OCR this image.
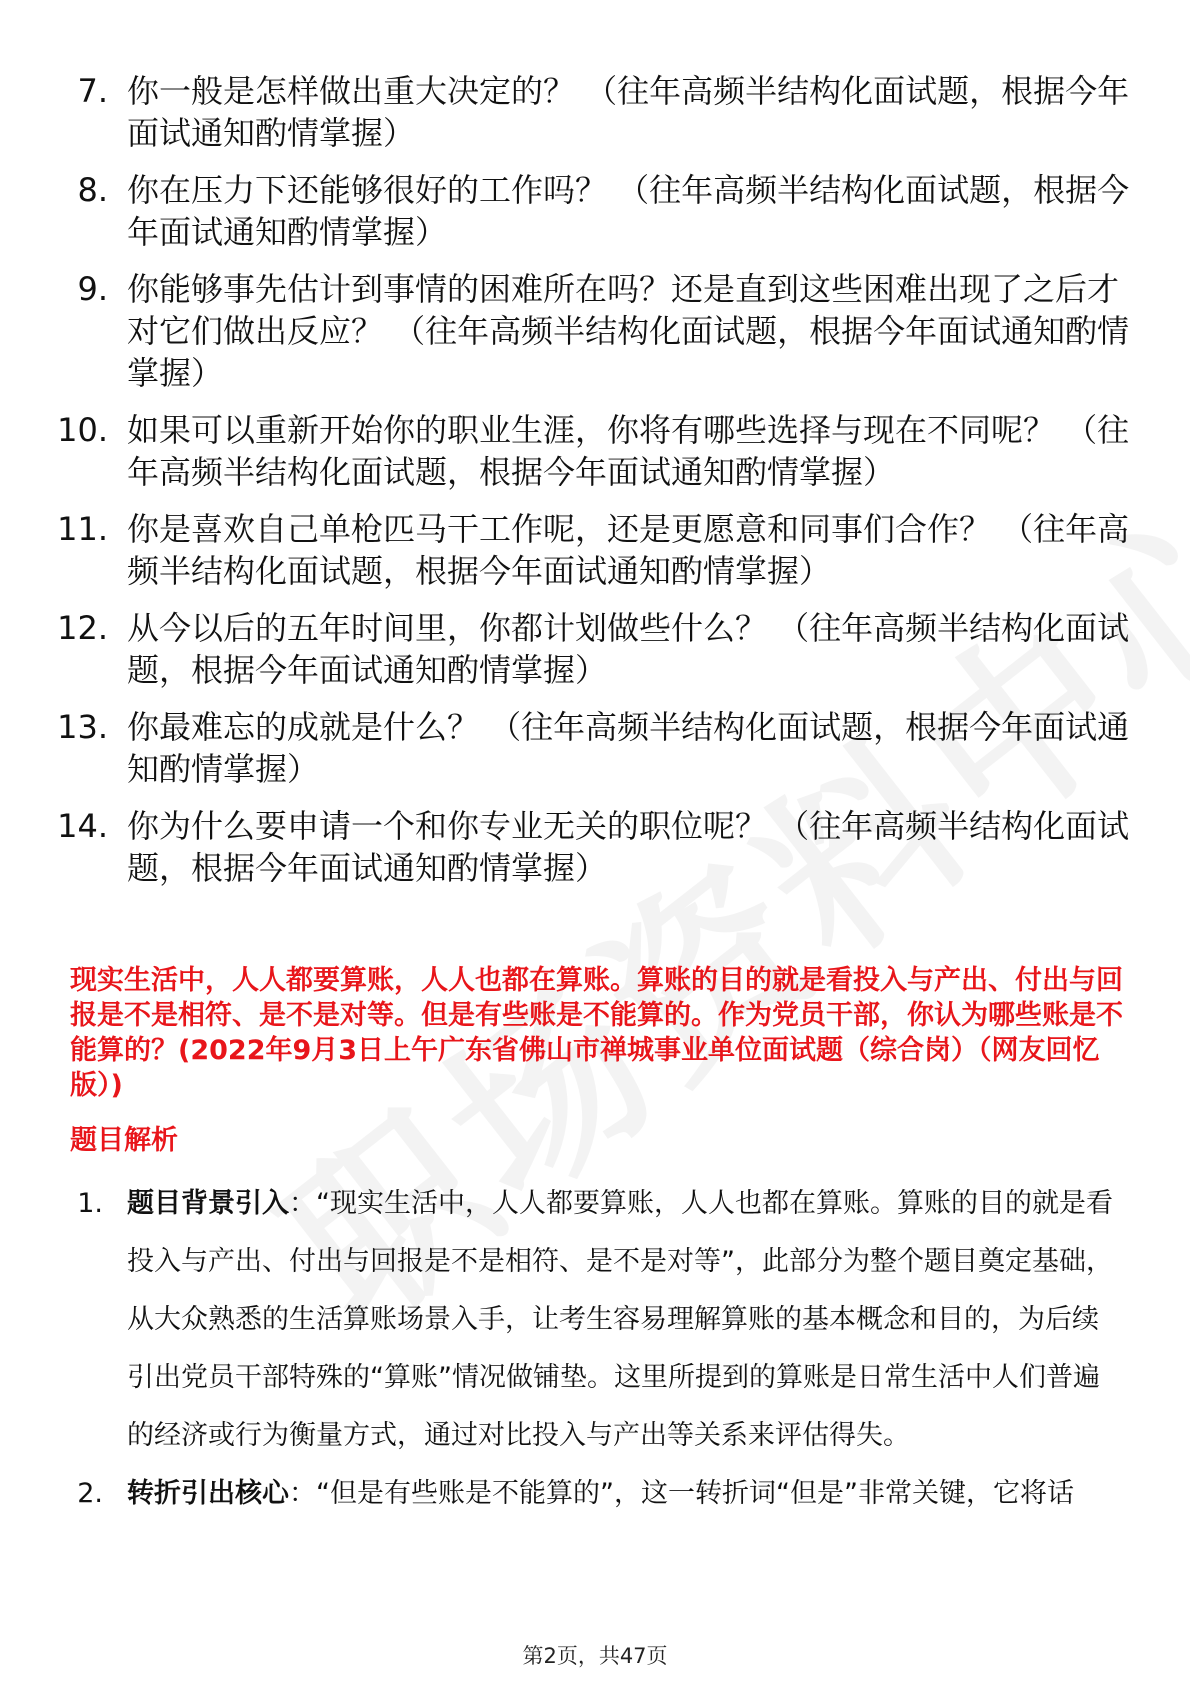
7. 你一般是怎样做出重大决定的？ （往年高频半结构化面试题，根据今年面试通知酌情掌握）
8. 你在压力下还能够很好的工作吗？ （往年高频半结构化面试题，根据今年面试通知酌情掌握）
9. 你能够事先估计到事情的困难所在吗？还是直到这些困难出现了之后才对它们做出反应？ （往年高频半结构化面试题，根据今年面试通知酌情掌握）
10. 如果可以重新开始你的职业生涯，你将有哪些选择与现在不同呢？ （往年高频半结构化面试题，根据今年面试通知酌情掌握）
11. 你是喜欢自己单枪匹马干工作呢，还是更愿意和同事们合作？ （往年高频半结构化面试题，根据今年面试通知酌情掌握）
12. 从今以后的五年时间里，你都计划做些什么？ （往年高频半结构化面试题，根据今年面试通知酌情掌握）
13. 你最难忘的成就是什么？ （往年高频半结构化面试题，根据今年面试通知酌情掌握）
14. 你为什么要申请一个和你专业无关的职位呢？ （往年高频半结构化面试题，根据今年面试通知酌情掌握）

现实生活中，人人都要算账，人人也都在算账。算账的目的就是看投入与产出、付出与回报是不是相符、是不是对等。但是有些账是不能算的。作为党员干部，你认为哪些账是不能算的？(2022年9月3日上午广东省佛山市禅城事业单位面试题（综合岗）（网友回忆版）)

题目解析

1. 题目背景引入：“现实生活中，人人都要算账，人人也都在算账。算账的目的就是看投入与产出、付出与回报是不是相符、是不是对等”，此部分为整个题目奠定基础，从大众熟悉的生活算账场景入手，让考生容易理解算账的基本概念和目的，为后续引出党员干部特殊的“算账”情况做铺垫。这里所提到的算账是日常生活中人们普遍的经济或行为衡量方式，通过对比投入与产出等关系来评估得失。
2. 转折引出核心：“但是有些账是不能算的”，这一转折词“但是”非常关键，它将话
第2页，共47页
